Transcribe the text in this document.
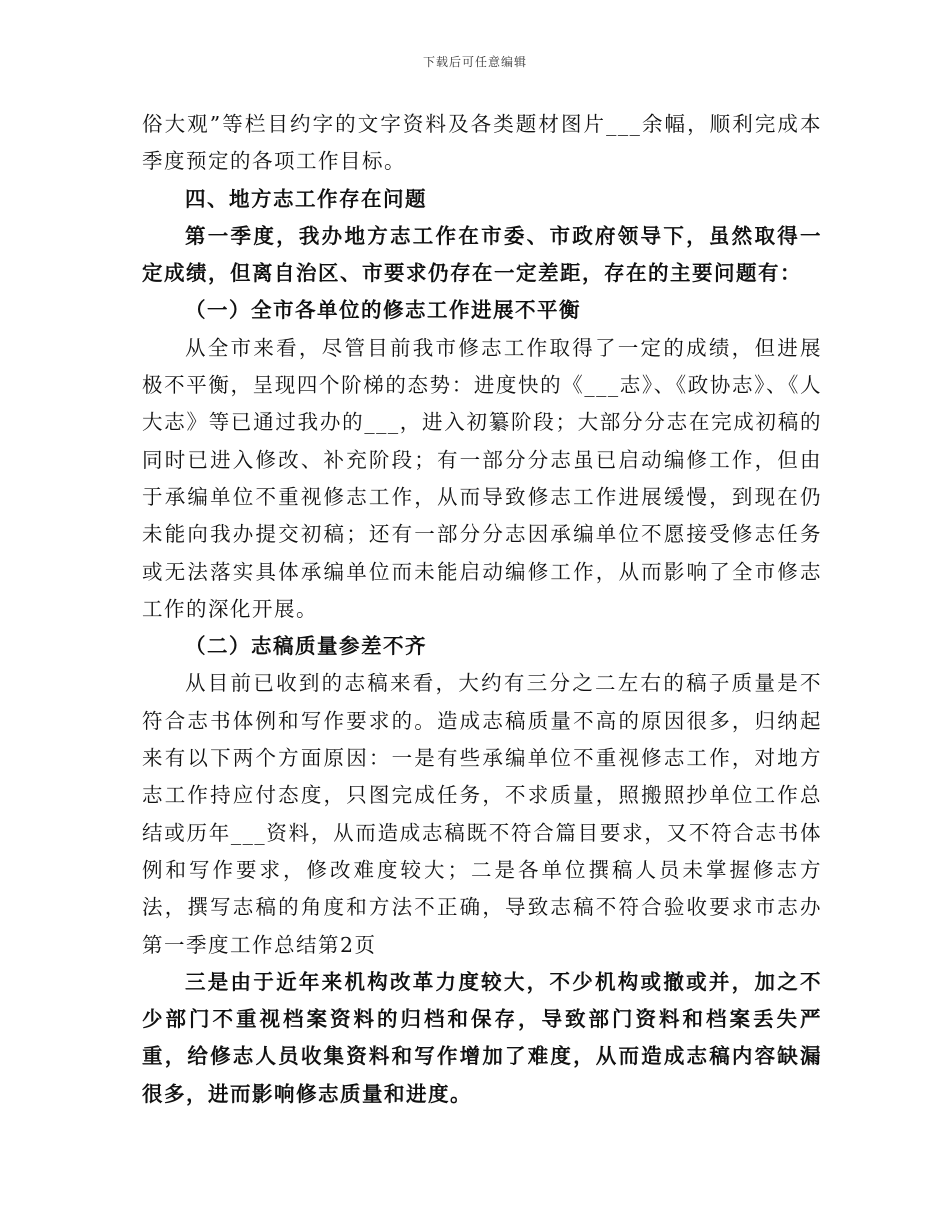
下载后可任意编辑

俗大观”等栏目约字的文字资料及各类题材图片___余幅，顺利完成本季度预定的各项工作目标。

四、地方志工作存在问题

第一季度，我办地方志工作在市委、市政府领导下，虽然取得一定成绩，但离自治区、市要求仍存在一定差距，存在的主要问题有：

（一）全市各单位的修志工作进展不平衡

从全市来看，尽管目前我市修志工作取得了一定的成绩，但进展极不平衡，呈现四个阶梯的态势：进度快的《___志》、《政协志》、《人大志》等已通过我办的___，进入初纂阶段；大部分分志在完成初稿的同时已进入修改、补充阶段；有一部分分志虽已启动编修工作，但由于承编单位不重视修志工作，从而导致修志工作进展缓慢，到现在仍未能向我办提交初稿；还有一部分分志因承编单位不愿接受修志任务或无法落实具体承编单位而未能启动编修工作，从而影响了全市修志工作的深化开展。

（二）志稿质量参差不齐

从目前已收到的志稿来看，大约有三分之二左右的稿子质量是不符合志书体例和写作要求的。造成志稿质量不高的原因很多，归纳起来有以下两个方面原因：一是有些承编单位不重视修志工作，对地方志工作持应付态度，只图完成任务，不求质量，照搬照抄单位工作总结或历年___资料，从而造成志稿既不符合篇目要求，又不符合志书体例和写作要求，修改难度较大；二是各单位撰稿人员未掌握修志方法，撰写志稿的角度和方法不正确，导致志稿不符合验收要求市志办第一季度工作总结第2页

三是由于近年来机构改革力度较大，不少机构或撤或并，加之不少部门不重视档案资料的归档和保存，导致部门资料和档案丢失严重，给修志人员收集资料和写作增加了难度，从而造成志稿内容缺漏很多，进而影响修志质量和进度。
